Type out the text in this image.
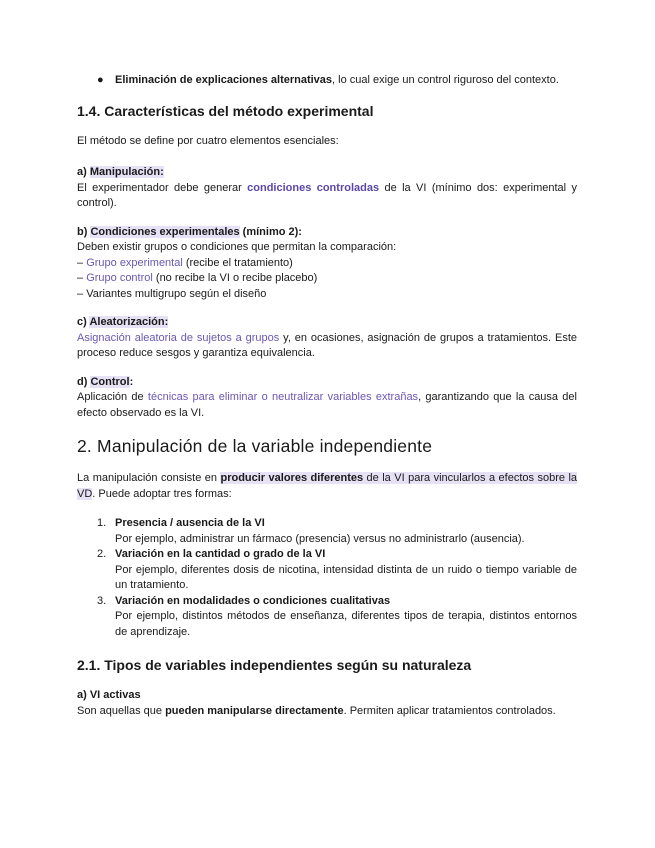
● Eliminación de explicaciones alternativas, lo cual exige un control riguroso del contexto.
1.4. Características del método experimental

El método se define por cuatro elementos esenciales:

a) Manipulación:

El experimentador debe generar condiciones controladas de la VI (mínimo dos: experimental y control).

b) Condiciones experimentales (mínimo 2):

Deben existir grupos o condiciones que permitan la comparación:

– Grupo experimental (recibe el tratamiento)
– Grupo control (no recibe la VI o recibe placebo)
– Variantes multigrupo según el diseño
c) Aleatorización:

Asignación aleatoria de sujetos a grupos y, en ocasiones, asignación de grupos a tratamientos. Este proceso reduce sesgos y garantiza equivalencia.

d) Control:

Aplicación de técnicas para eliminar o neutralizar variables extrañas, garantizando que la causa del efecto observado es la VI.

2. Manipulación de la variable independiente

La manipulación consiste en producir valores diferentes de la VI para vincularlos a efectos sobre la VD. Puede adoptar tres formas:

1. Presencia / ausencia de la VI

Por ejemplo, administrar un fármaco (presencia) versus no administrarlo (ausencia).

2. Variación en la cantidad o grado de la VI

Por ejemplo, diferentes dosis de nicotina, intensidad distinta de un ruido o tiempo variable de un tratamiento.

3. Variación en modalidades o condiciones cualitativas

Por ejemplo, distintos métodos de enseñanza, diferentes tipos de terapia, distintos entornos de aprendizaje.

2.1. Tipos de variables independientes según su naturaleza
a) VI activas

Son aquellas que pueden manipularse directamente. Permiten aplicar tratamientos controlados.
